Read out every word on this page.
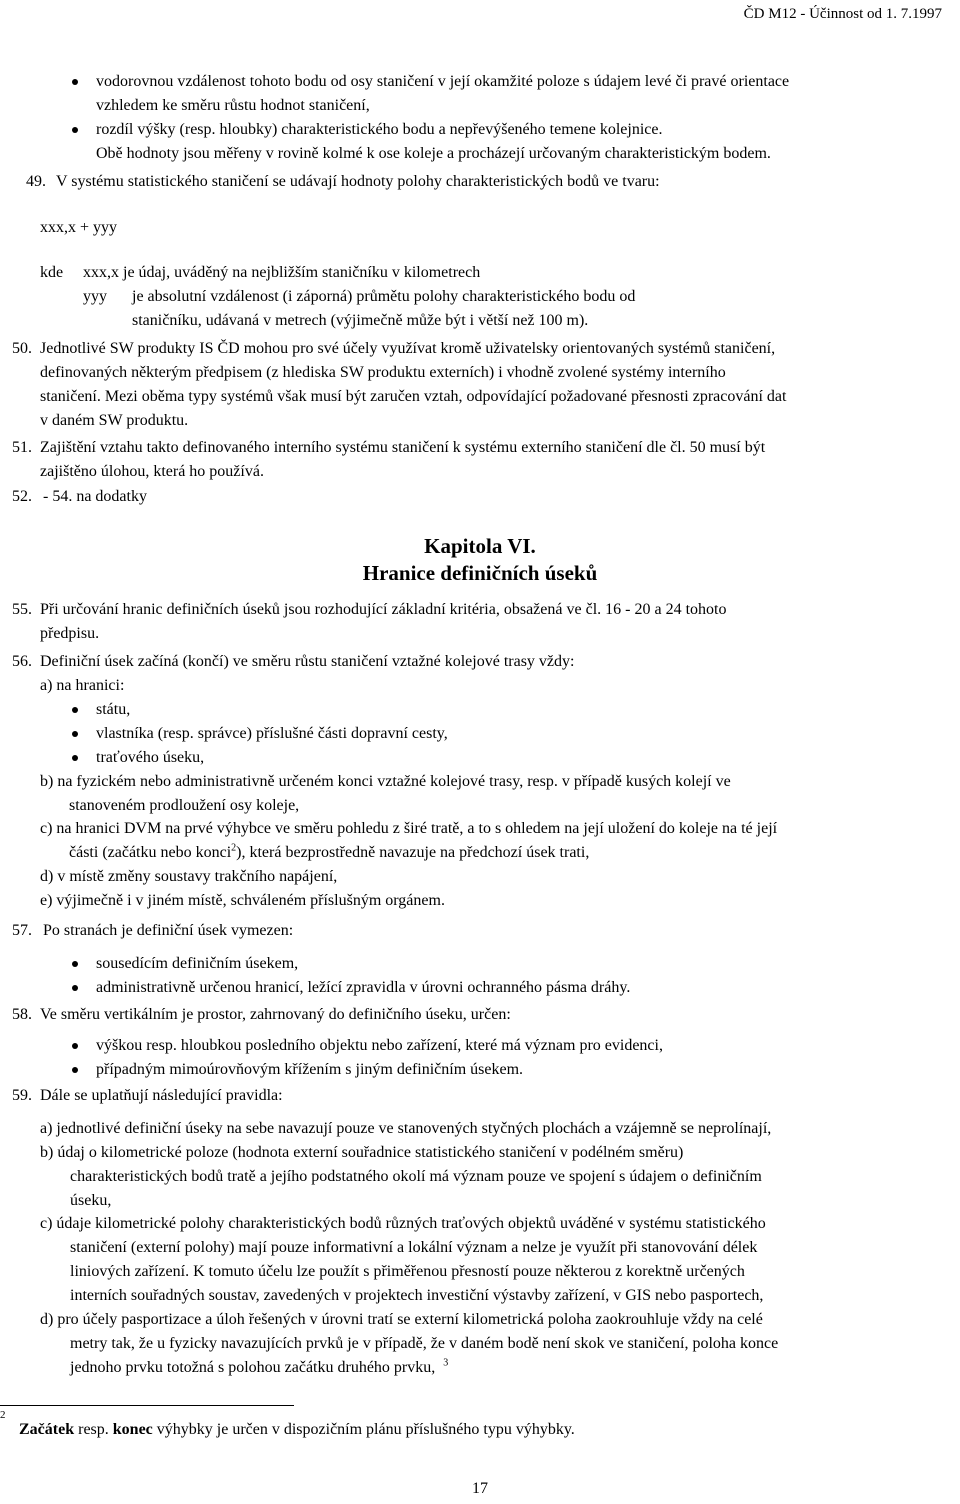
ČD M12 - Účinnost od 1. 7.1997
vodorovnou vzdálenost tohoto bodu od osy staničení v její okamžité poloze s údajem levé či pravé orientace
vzhledem ke směru růstu hodnot staničení,
rozdíl výšky (resp. hloubky) charakteristického bodu a nepřevýšeného temene kolejnice.
Obě hodnoty jsou měřeny v rovině kolmé k ose koleje a procházejí určovaným charakteristickým bodem.
49. V systému statistického staničení se udávají hodnoty polohy charakteristických bodů ve tvaru:
xxx,x + yyy
kde xxx,x je údaj, uváděný na nejbližším staničníku v kilometrech
yyy je absolutní vzdálenost (i záporná) průmětu polohy charakteristického bodu od
staničníku, udávaná v metrech (výjimečně může být i větší než 100 m).
50. Jednotlivé SW produkty IS ČD mohou pro své účely využívat kromě uživatelsky orientovaných systémů staničení,
definovaných některým předpisem (z hlediska SW produktu externích) i vhodně zvolené systémy interního
staničení. Mezi oběma typy systémů však musí být zaručen vztah, odpovídající požadované přesnosti zpracování dat
v daném SW produktu.
51. Zajištění vztahu takto definovaného interního systému staničení k systému externího staničení dle čl. 50 musí být
zajištěno úlohou, která ho používá.
52. - 54. na dodatky
Kapitola VI.
Hranice definičních úseků
55. Při určování hranic definičních úseků jsou rozhodující základní kritéria, obsažená ve čl. 16 - 20 a 24 tohoto
předpisu.
56. Definiční úsek začíná (končí) ve směru růstu staničení vztažné kolejové trasy vždy:
a) na hranici:
státu,
vlastníka (resp. správce) příslušné části dopravní cesty,
traťového úseku,
b) na fyzickém nebo administrativně určeném konci vztažné kolejové trasy, resp. v případě kusých kolejí ve
stanoveném prodloužení osy koleje,
c) na hranici DVM na prvé výhybce ve směru pohledu z širé tratě, a to s ohledem na její uložení do koleje na té její
části (začátku nebo konci$^2$), která bezprostředně navazuje na předchozí úsek trati,
d) v místě změny soustavy trakčního napájení,
e) výjimečně i v jiném místě, schváleném příslušným orgánem.
57. Po stranách je definiční úsek vymezen:
sousedícím definičním úsekem,
administrativně určenou hranicí, ležící zpravidla v úrovni ochranného pásma dráhy.
58. Ve směru vertikálním je prostor, zahrnovaný do definičního úseku, určen:
výškou resp. hloubkou posledního objektu nebo zařízení, které má význam pro evidenci,
případným mimoúrovňovým křížením s jiným definičním úsekem.
59. Dále se uplatňují následující pravidla:
a) jednotlivé definiční úseky na sebe navazují pouze ve stanovených styčných plochách a vzájemně se neprolínají,
b) údaj o kilometrické poloze (hodnota externí souřadnice statistického staničení v podélném směru)
charakteristických bodů tratě a jejího podstatného okolí má význam pouze ve spojení s údajem o definičním
úseku,
c) údaje kilometrické polohy charakteristických bodů různých traťových objektů uváděné v systému statistického
staničení (externí polohy) mají pouze informativní a lokální význam a nelze je využít při stanovování délek
liniových zařízení. K tomuto účelu lze použít s přiměřenou přesností pouze některou z korektně určených
interních souřadných soustav, zavedených v projektech investiční výstavby zařízení, v GIS nebo pasportech,
d) pro účely pasportizace a úloh řešených v úrovni tratí se externí kilometrická poloha zaokrouhluje vždy na celé
metry tak, že u fyzicky navazujících prvků je v případě, že v daném bodě není skok ve staničení, poloha konce
jednoho prvku totožná s polohou začátku druhého prvku, $^3$
2
Začátek resp. konec výhybky je určen v dispozičním plánu příslušného typu výhybky.
17
